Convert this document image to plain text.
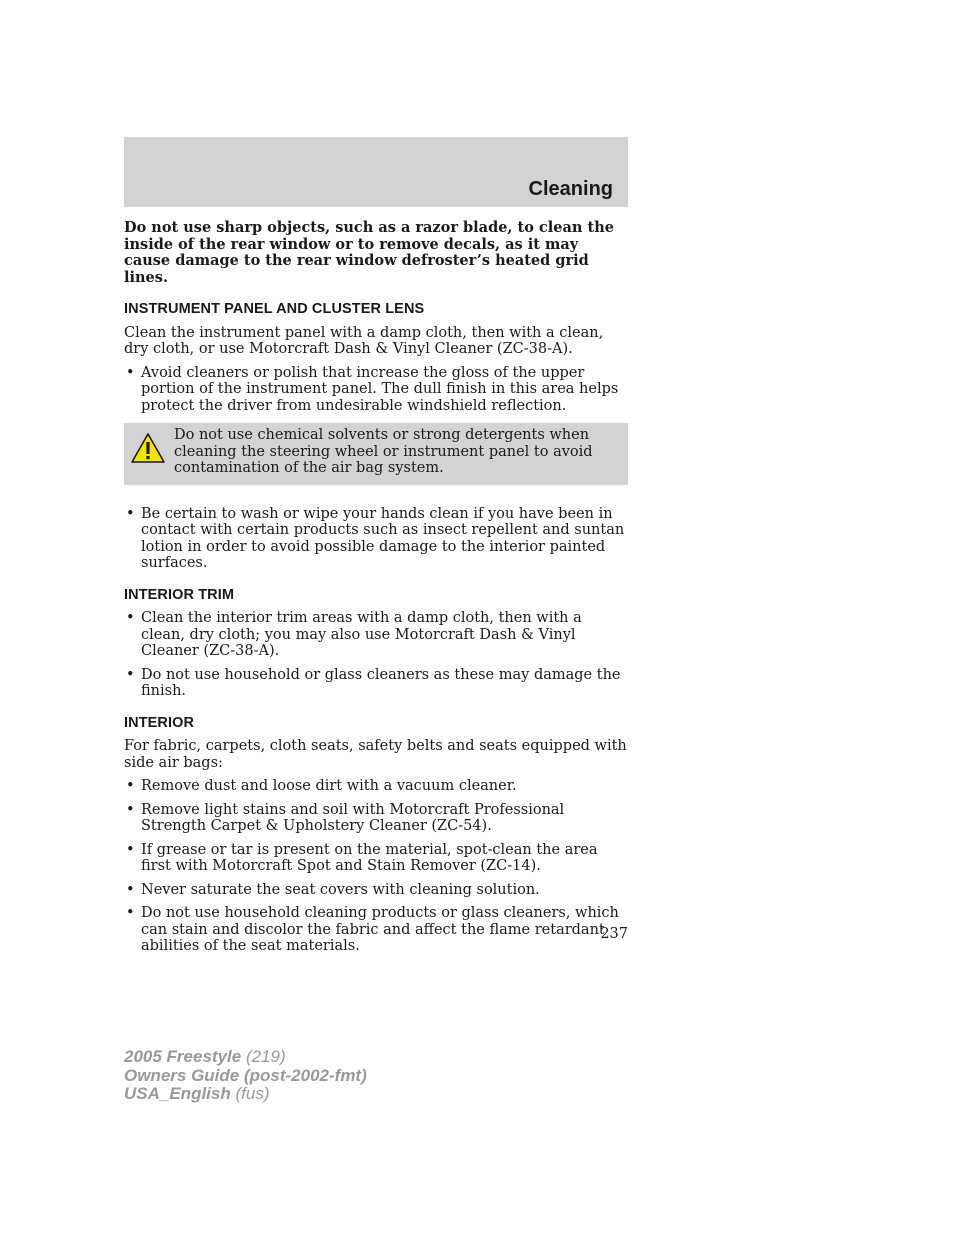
Cleaning

Do not use sharp objects, such as a razor blade, to clean the inside of the rear window or to remove decals, as it may cause damage to the rear window defroster’s heated grid lines.

INSTRUMENT PANEL AND CLUSTER LENS

Clean the instrument panel with a damp cloth, then with a clean, dry cloth, or use Motorcraft Dash & Vinyl Cleaner (ZC-38-A).

• Avoid cleaners or polish that increase the gloss of the upper portion of the instrument panel. The dull finish in this area helps protect the driver from undesirable windshield reflection.
Do not use chemical solvents or strong detergents when cleaning the steering wheel or instrument panel to avoid contamination of the air bag system.
• Be certain to wash or wipe your hands clean if you have been in contact with certain products such as insect repellent and suntan lotion in order to avoid possible damage to the interior painted surfaces.
INTERIOR TRIM
• Clean the interior trim areas with a damp cloth, then with a clean, dry cloth; you may also use Motorcraft Dash & Vinyl Cleaner (ZC-38-A).
• Do not use household or glass cleaners as these may damage the finish.
INTERIOR

For fabric, carpets, cloth seats, safety belts and seats equipped with side air bags:

• Remove dust and loose dirt with a vacuum cleaner.
• Remove light stains and soil with Motorcraft Professional Strength Carpet & Upholstery Cleaner (ZC-54).
• If grease or tar is present on the material, spot-clean the area first with Motorcraft Spot and Stain Remover (ZC-14).
• Never saturate the seat covers with cleaning solution.
• Do not use household cleaning products or glass cleaners, which can stain and discolor the fabric and affect the flame retardant abilities of the seat materials.
237
2005 Freestyle (219)
Owners Guide (post-2002-fmt)
USA_English (fus)
